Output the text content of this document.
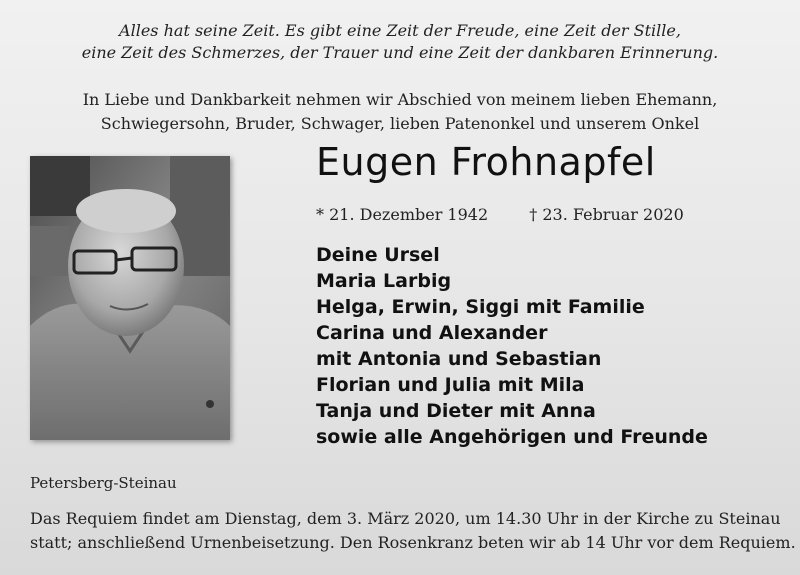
Alles hat seine Zeit. Es gibt eine Zeit der Freude, eine Zeit der Stille,
eine Zeit des Schmerzes, der Trauer und eine Zeit der dankbaren Erinnerung.
In Liebe und Dankbarkeit nehmen wir Abschied von meinem lieben Ehemann,
Schwiegersohn, Bruder, Schwager, lieben Patenonkel und unserem Onkel
Eugen Frohnapfel
* 21. Dezember 1942	† 23. Februar 2020
Deine Ursel
Maria Larbig
Helga, Erwin, Siggi mit Familie
Carina und Alexander
mit Antonia und Sebastian
Florian und Julia mit Mila
Tanja und Dieter mit Anna
sowie alle Angehörigen und Freunde
Petersberg-Steinau
Das Requiem findet am Dienstag, dem 3. März 2020, um 14.30 Uhr in der Kirche zu Steinau
statt; anschließend Urnenbeisetzung. Den Rosenkranz beten wir ab 14 Uhr vor dem Requiem.
